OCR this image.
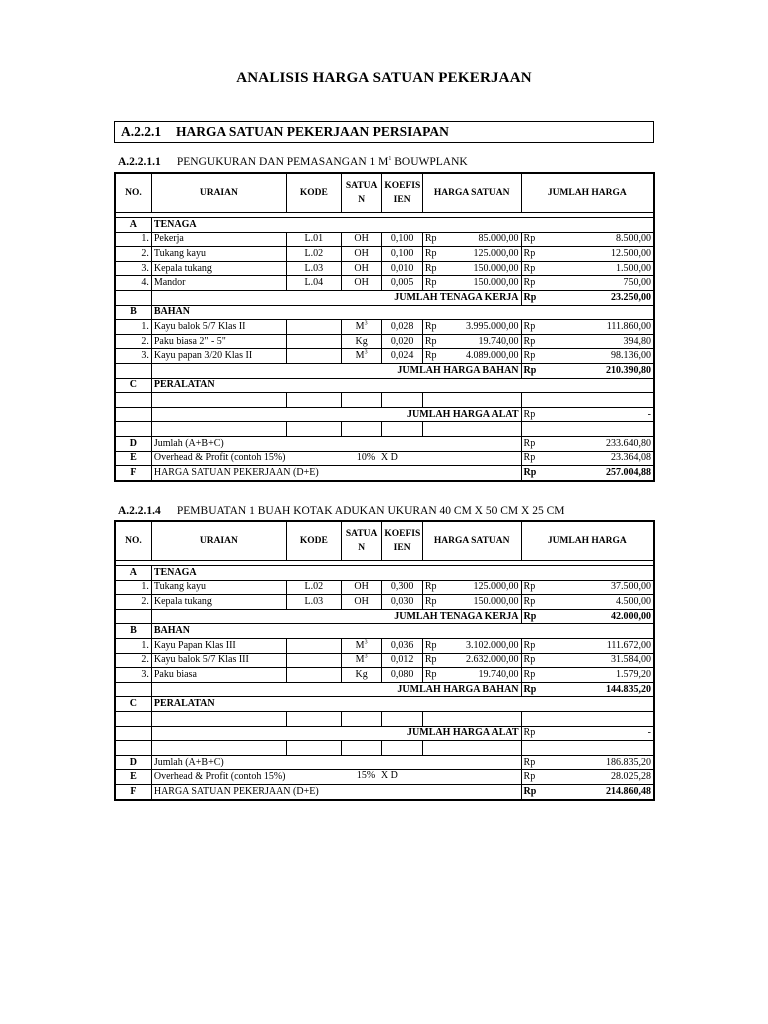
ANALISIS HARGA SATUAN PEKERJAAN
A.2.2.1 HARGA SATUAN PEKERJAAN PERSIAPAN
A.2.2.1.1 PENGUKURAN DAN PEMASANGAN 1 $M^1$ BOUWPLANK
NO.	URAIAN	KODE	SATUA N	KOEFIS IEN	HARGA SATUAN		JUMLAH HARGA	

A	TENAGA							
1.	Pekerja	L.01	OH	0,100	Rp	85.000,00	Rp	8.500,00
2.	Tukang kayu	L.02	OH	0,100	Rp	125.000,00	Rp	12.500,00
3.	Kepala tukang	L.03	OH	0,010	Rp	150.000,00	Rp	1.500,00
4.	Mandor	L.04	OH	0,005	Rp	150.000,00	Rp	750,00
	JUMLAH TENAGA KERJA						Rp	23.250,00
B	BAHAN							
1.	Kayu balok 5/7 Klas II		$M^3$	0,028	Rp	3.995.000,00	Rp	111.860,00
2.	Paku biasa 2" - 5"		Kg	0,020	Rp	19.740,00	Rp	394,80
3.	Kayu papan 3/20 Klas II		$M^3$	0,024	Rp	4.089.000,00	Rp	98.136,00
	JUMLAH HARGA BAHAN						Rp	210.390,80
C	PERALATAN							

	JUMLAH HARGA ALAT						Rp	-

D	Jumlah (A+B+C)						Rp	233.640,80
E	Overhead & Profit (contoh 15%) 10% X D						Rp	23.364,08
F	HARGA SATUAN PEKERJAAN (D+E)						Rp	257.004,88
A.2.2.1.4 PEMBUATAN 1 BUAH KOTAK ADUKAN UKURAN 40 CM X 50 CM X 25 CM
NO.	URAIAN	KODE	SATUA N	KOEFIS IEN	HARGA SATUAN		JUMLAH HARGA	

A	TENAGA							
1.	Tukang kayu	L.02	OH	0,300	Rp	125.000,00	Rp	37.500,00
2.	Kepala tukang	L.03	OH	0,030	Rp	150.000,00	Rp	4.500,00
	JUMLAH TENAGA KERJA						Rp	42.000,00
B	BAHAN							
1.	Kayu Papan Klas III		$M^3$	0,036	Rp	3.102.000,00	Rp	111.672,00
2.	Kayu balok 5/7 Klas III		$M^3$	0,012	Rp	2.632.000,00	Rp	31.584,00
3.	Paku biasa		Kg	0,080	Rp	19.740,00	Rp	1.579,20
	JUMLAH HARGA BAHAN						Rp	144.835,20
C	PERALATAN							

	JUMLAH HARGA ALAT						Rp	-

D	Jumlah (A+B+C)						Rp	186.835,20
E	Overhead & Profit (contoh 15%) 15% X D						Rp	28.025,28
F	HARGA SATUAN PEKERJAAN (D+E)						Rp	214.860,48
